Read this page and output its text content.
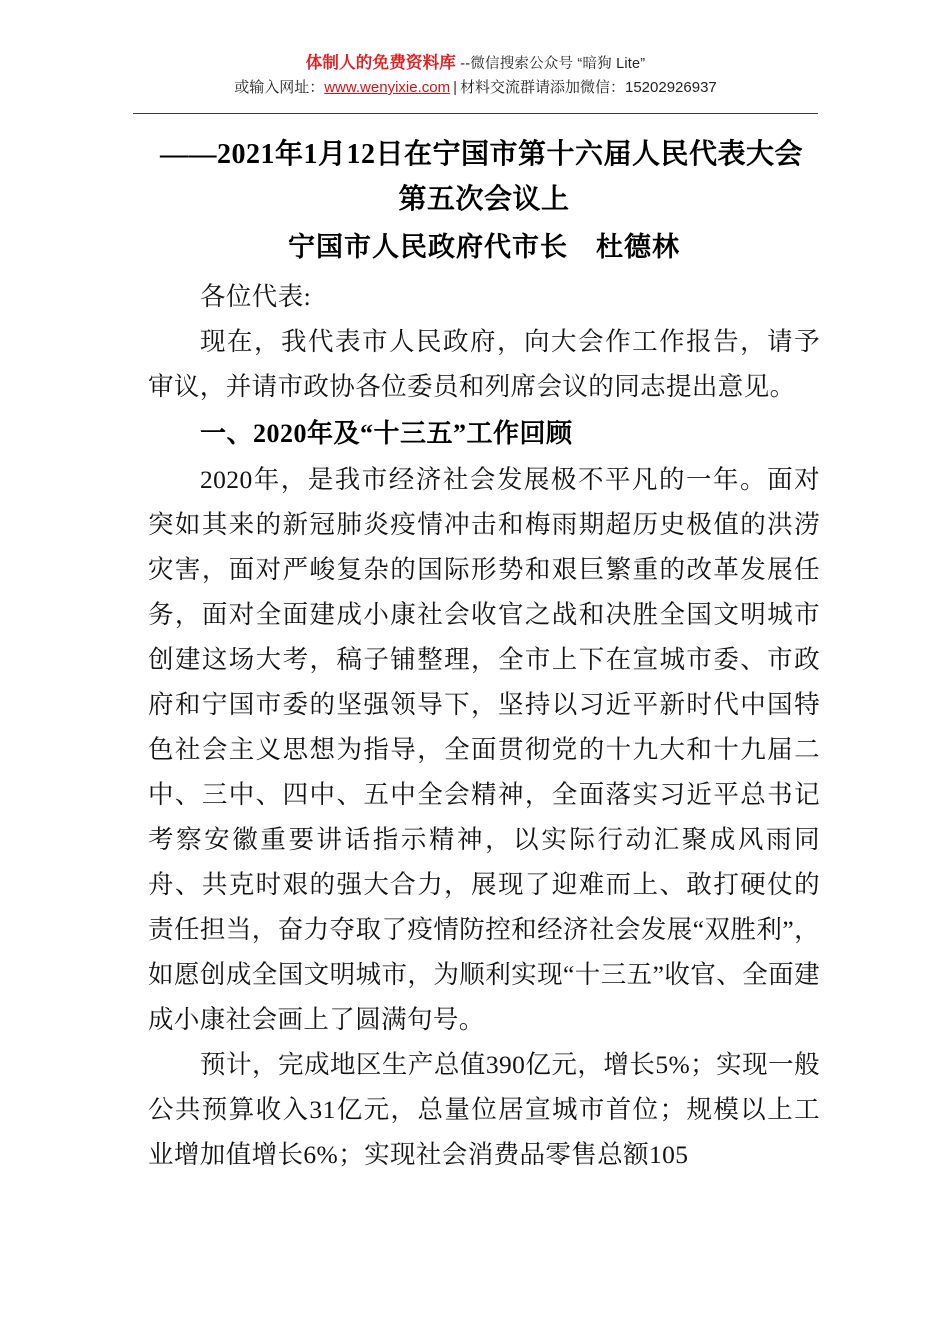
体制人的免费资料库 --微信搜索公众号 “暗狗 Lite”
或输入网址：www.wenyixie.com | 材料交流群请添加微信：15202926937
——2021年1月12日在宁国市第十六届人民代表大会
第五次会议上
宁国市人民政府代市长　杜德林

各位代表:

现在，我代表市人民政府，向大会作工作报告，请予审议，并请市政协各位委员和列席会议的同志提出意见。

一、2020年及“十三五”工作回顾

2020年，是我市经济社会发展极不平凡的一年。面对突如其来的新冠肺炎疫情冲击和梅雨期超历史极值的洪涝灾害，面对严峻复杂的国际形势和艰巨繁重的改革发展任务，面对全面建成小康社会收官之战和决胜全国文明城市创建这场大考，稿子铺整理，全市上下在宣城市委、市政府和宁国市委的坚强领导下，坚持以习近平新时代中国特色社会主义思想为指导，全面贯彻党的十九大和十九届二中、三中、四中、五中全会精神，全面落实习近平总书记考察安徽重要讲话指示精神，以实际行动汇聚成风雨同舟、共克时艰的强大合力，展现了迎难而上、敢打硬仗的责任担当，奋力夺取了疫情防控和经济社会发展“双胜利”，如愿创成全国文明城市，为顺利实现“十三五”收官、全面建成小康社会画上了圆满句号。

预计，完成地区生产总值390亿元，增长5%；实现一般公共预算收入31亿元，总量位居宣城市首位；规模以上工业增加值增长6%；实现社会消费品零售总额105
